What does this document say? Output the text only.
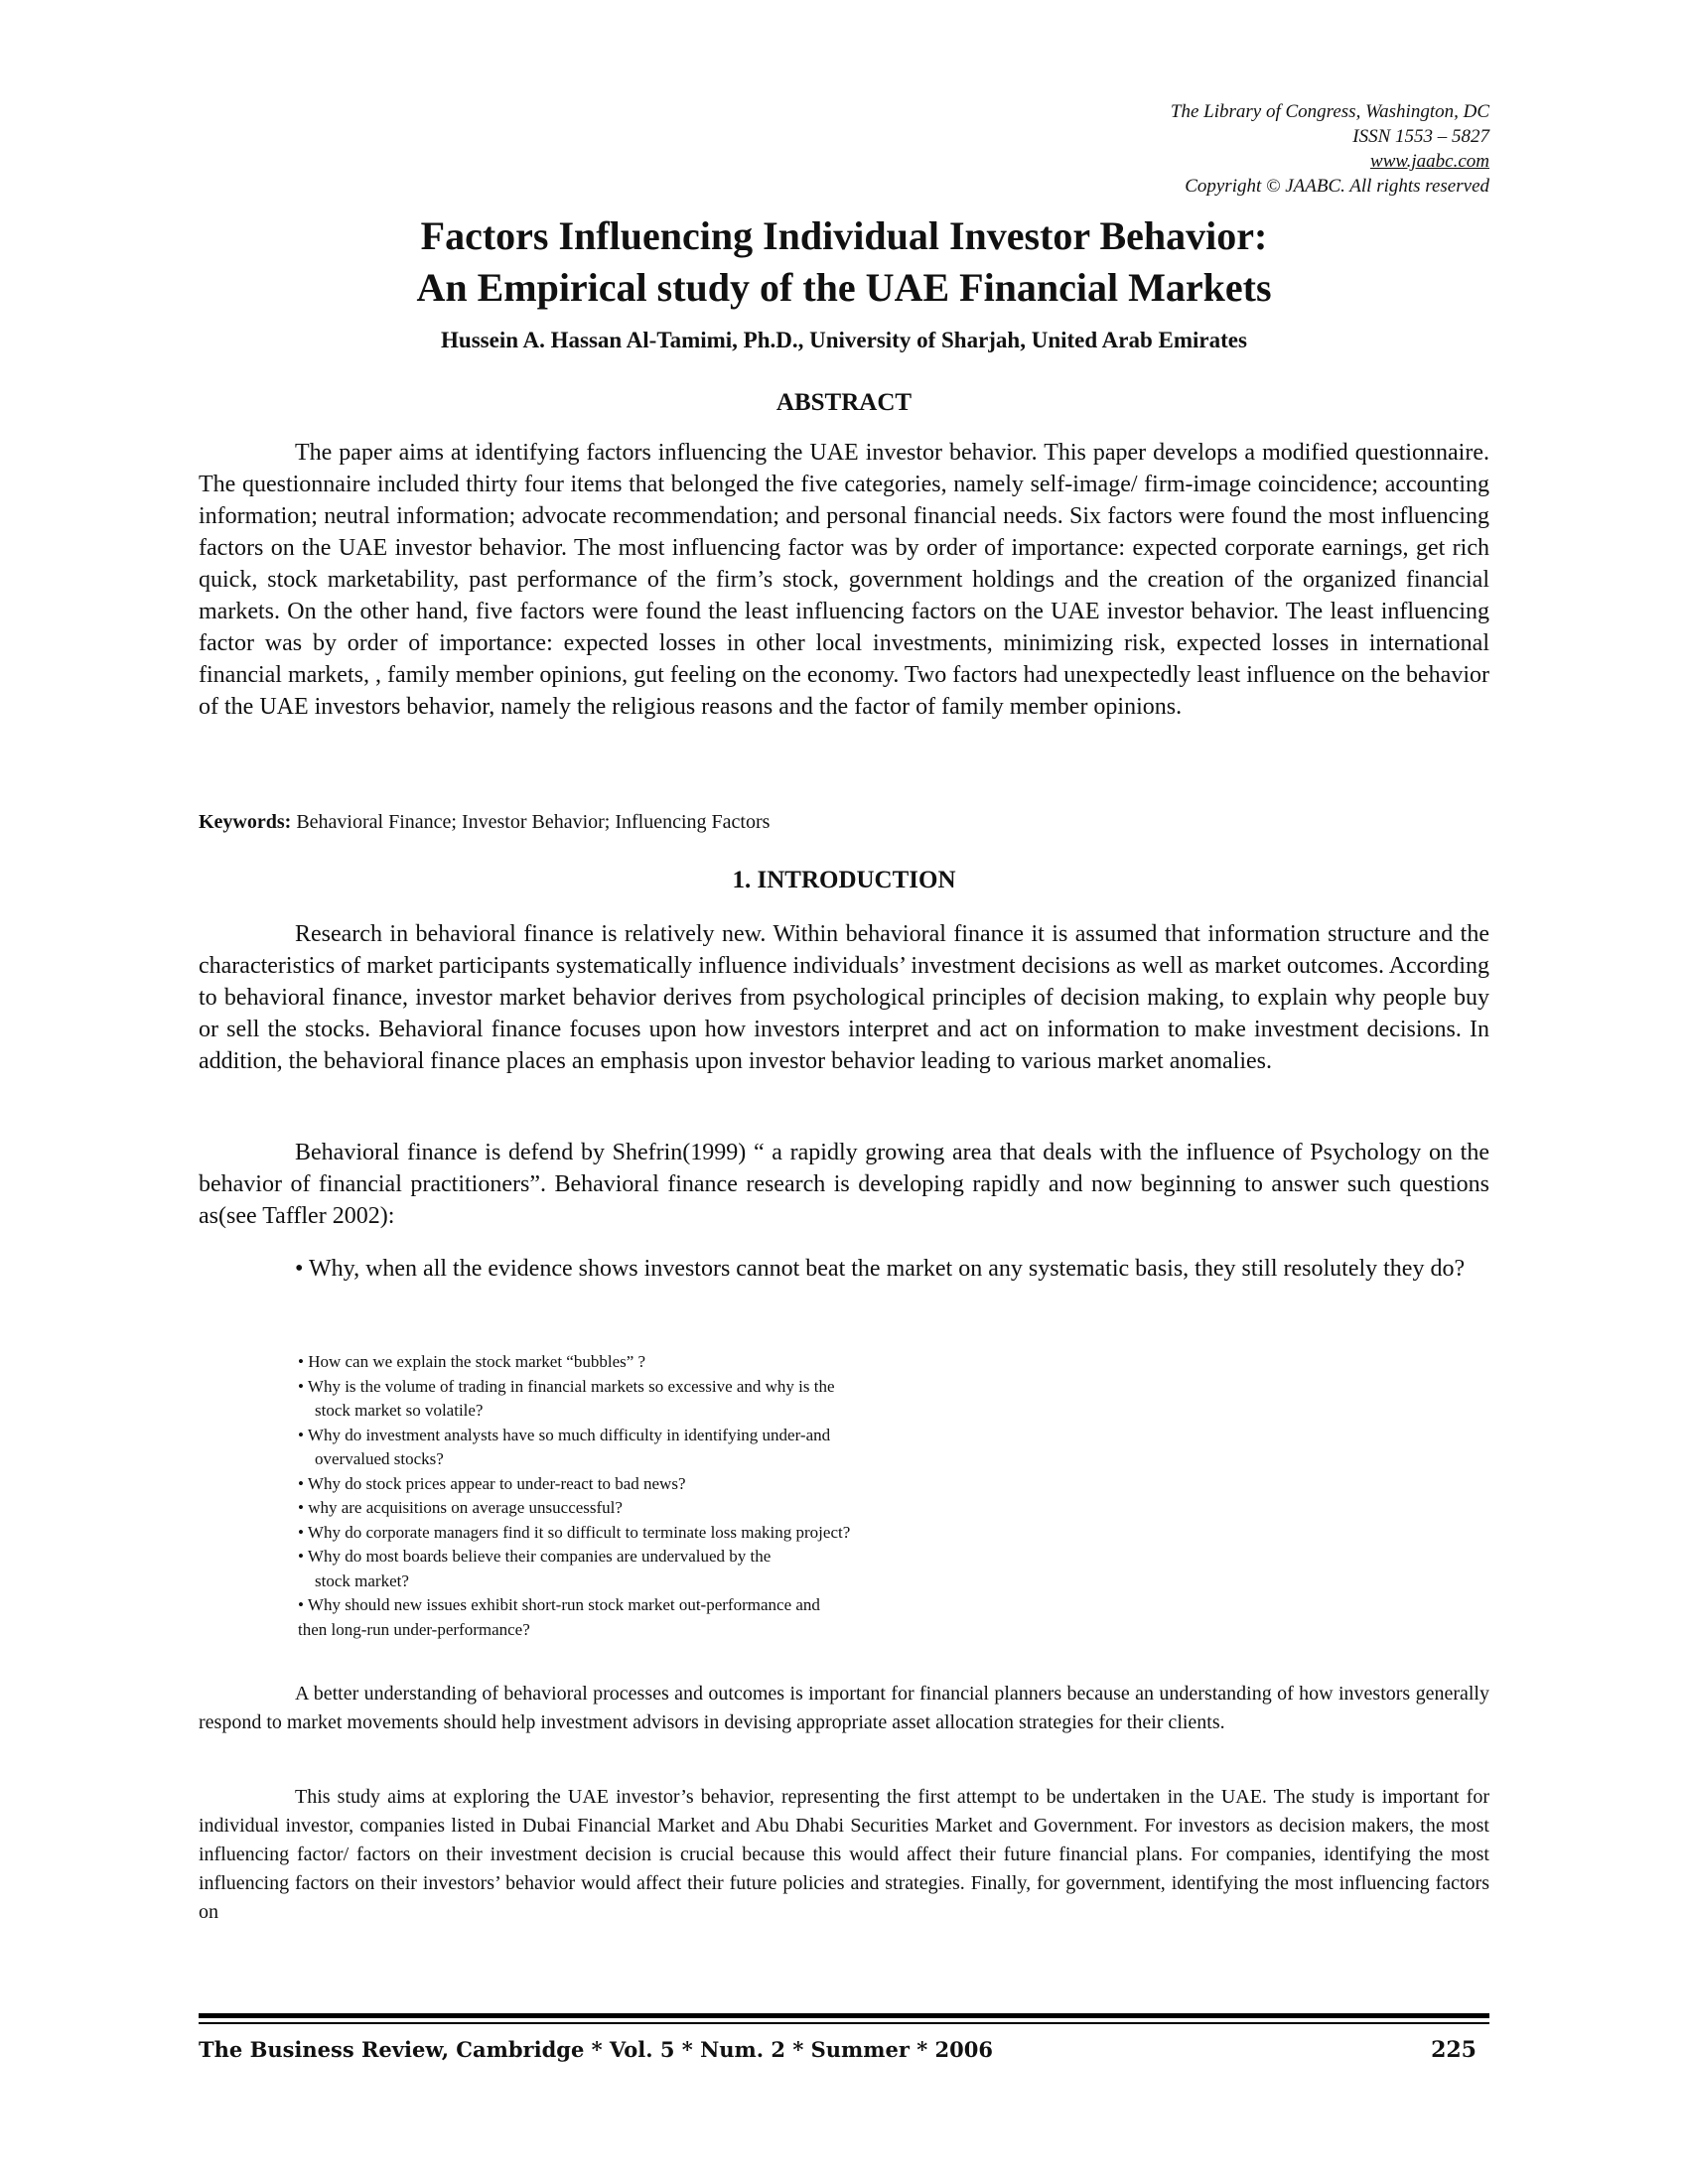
The Library of Congress, Washington, DC
ISSN 1553 – 5827
www.jaabc.com
Copyright © JAABC. All rights reserved
Factors Influencing Individual Investor Behavior:
An Empirical study of the UAE Financial Markets
Hussein A. Hassan Al-Tamimi, Ph.D., University of Sharjah, United Arab Emirates
ABSTRACT

The paper aims at identifying factors influencing the UAE investor behavior. This paper develops a modified questionnaire. The questionnaire included thirty four items that belonged the five categories, namely self-image/ firm-image coincidence; accounting information; neutral information; advocate recommendation; and personal financial needs. Six factors were found the most influencing factors on the UAE investor behavior. The most influencing factor was by order of importance: expected corporate earnings, get rich quick, stock marketability, past performance of the firm’s stock, government holdings and the creation of the organized financial markets. On the other hand, five factors were found the least influencing factors on the UAE investor behavior. The least influencing factor was by order of importance: expected losses in other local investments, minimizing risk, expected losses in international financial markets, , family member opinions, gut feeling on the economy. Two factors had unexpectedly least influence on the behavior of the UAE investors behavior, namely the religious reasons and the factor of family member opinions.

Keywords: Behavioral Finance; Investor Behavior; Influencing Factors
1. INTRODUCTION

Research in behavioral finance is relatively new. Within behavioral finance it is assumed that information structure and the characteristics of market participants systematically influence individuals’ investment decisions as well as market outcomes. According to behavioral finance, investor market behavior derives from psychological principles of decision making, to explain why people buy or sell the stocks. Behavioral finance focuses upon how investors interpret and act on information to make investment decisions. In addition, the behavioral finance places an emphasis upon investor behavior leading to various market anomalies.

Behavioral finance is defend by Shefrin(1999) “ a rapidly growing area that deals with the influence of Psychology on the behavior of financial practitioners”. Behavioral finance research is developing rapidly and now beginning to answer such questions as(see Taffler 2002):

• Why, when all the evidence shows investors cannot beat the market on any systematic basis, they still resolutely they do?

• How can we explain the stock market “bubbles” ?
• Why is the volume of trading in financial markets so excessive and why is the
stock market so volatile?
• Why do investment analysts have so much difficulty in identifying under-and
overvalued stocks?
• Why do stock prices appear to under-react to bad news?
• why are acquisitions on average unsuccessful?
• Why do corporate managers find it so difficult to terminate loss making project?
• Why do most boards believe their companies are undervalued by the
stock market?
• Why should new issues exhibit short-run stock market out-performance and
then long-run under-performance?

A better understanding of behavioral processes and outcomes is important for financial planners because an understanding of how investors generally respond to market movements should help investment advisors in devising appropriate asset allocation strategies for their clients.

This study aims at exploring the UAE investor’s behavior, representing the first attempt to be undertaken in the UAE. The study is important for individual investor, companies listed in Dubai Financial Market and Abu Dhabi Securities Market and Government. For investors as decision makers, the most influencing factor/ factors on their investment decision is crucial because this would affect their future financial plans. For companies, identifying the most influencing factors on their investors’ behavior would affect their future policies and strategies. Finally, for government, identifying the most influencing factors on

The Business Review, Cambridge * Vol. 5 * Num. 2 * Summer * 2006	225
